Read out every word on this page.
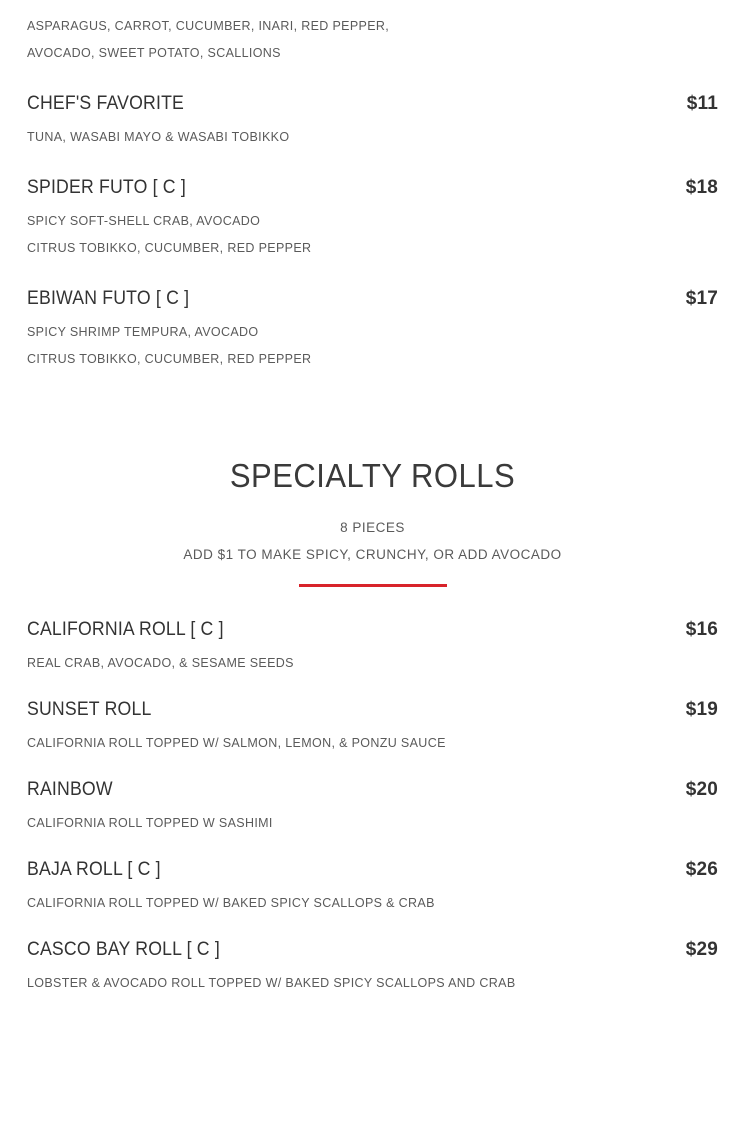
ASPARAGUS, CARROT, CUCUMBER, INARI, RED PEPPER,
AVOCADO, SWEET POTATO, SCALLIONS
CHEF'S FAVORITE	$11
TUNA, WASABI MAYO & WASABI TOBIKKO
SPIDER FUTO [ C ]	$18
SPICY SOFT-SHELL CRAB, AVOCADO
CITRUS TOBIKKO, CUCUMBER, RED PEPPER
EBIWAN FUTO [ C ]	$17
SPICY SHRIMP TEMPURA, AVOCADO
CITRUS TOBIKKO, CUCUMBER, RED PEPPER
SPECIALTY ROLLS
8 PIECES
ADD $1 TO MAKE SPICY, CRUNCHY, OR ADD AVOCADO
CALIFORNIA ROLL [ C ]	$16
REAL CRAB, AVOCADO, & SESAME SEEDS
SUNSET ROLL	$19
CALIFORNIA ROLL TOPPED W/ SALMON, LEMON, & PONZU SAUCE
RAINBOW	$20
CALIFORNIA ROLL TOPPED W SASHIMI
BAJA ROLL [ C ]	$26
CALIFORNIA ROLL TOPPED W/ BAKED SPICY SCALLOPS & CRAB
CASCO BAY ROLL [ C ]	$29
LOBSTER & AVOCADO ROLL TOPPED W/ BAKED SPICY SCALLOPS AND CRAB
